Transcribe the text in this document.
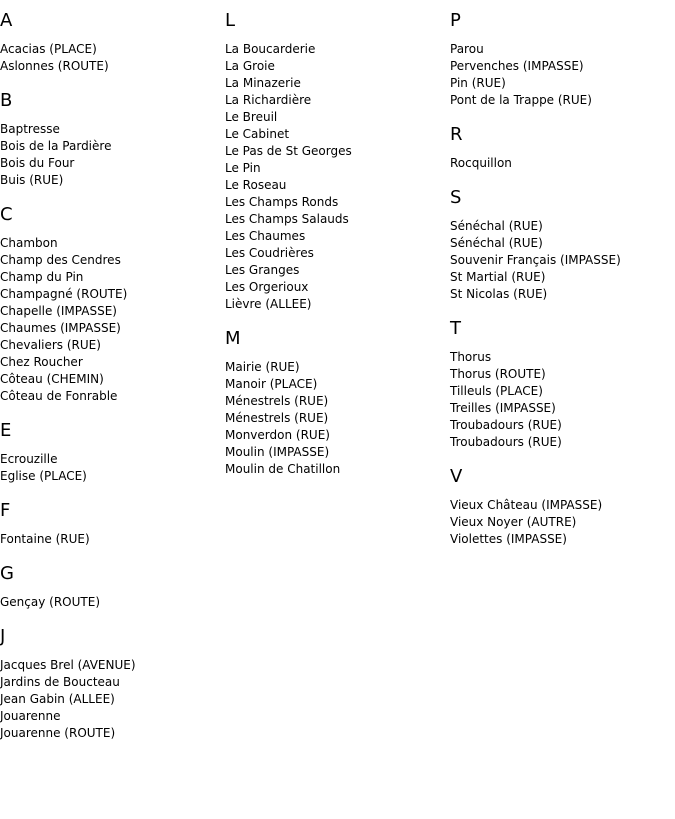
A
Acacias (PLACE)
Aslonnes (ROUTE)
B
Baptresse
Bois de la Pardière
Bois du Four
Buis (RUE)
C
Chambon
Champ des Cendres
Champ du Pin
Champagné (ROUTE)
Chapelle (IMPASSE)
Chaumes (IMPASSE)
Chevaliers (RUE)
Chez Roucher
Côteau (CHEMIN)
Côteau de Fonrable
E
Ecrouzille
Eglise (PLACE)
F
Fontaine (RUE)
G
Gençay (ROUTE)
J
Jacques Brel (AVENUE)
Jardins de Boucteau
Jean Gabin (ALLEE)
Jouarenne
Jouarenne (ROUTE)
L
La Boucarderie
La Groie
La Minazerie
La Richardière
Le Breuil
Le Cabinet
Le Pas de St Georges
Le Pin
Le Roseau
Les Champs Ronds
Les Champs Salauds
Les Chaumes
Les Coudrières
Les Granges
Les Orgerioux
Lièvre (ALLEE)
M
Mairie (RUE)
Manoir (PLACE)
Ménestrels (RUE)
Ménestrels (RUE)
Monverdon (RUE)
Moulin (IMPASSE)
Moulin de Chatillon
P
Parou
Pervenches (IMPASSE)
Pin (RUE)
Pont de la Trappe (RUE)
R
Rocquillon
S
Sénéchal (RUE)
Sénéchal (RUE)
Souvenir Français (IMPASSE)
St Martial (RUE)
St Nicolas (RUE)
T
Thorus
Thorus (ROUTE)
Tilleuls (PLACE)
Treilles (IMPASSE)
Troubadours (RUE)
Troubadours (RUE)
V
Vieux Château (IMPASSE)
Vieux Noyer (AUTRE)
Violettes (IMPASSE)
